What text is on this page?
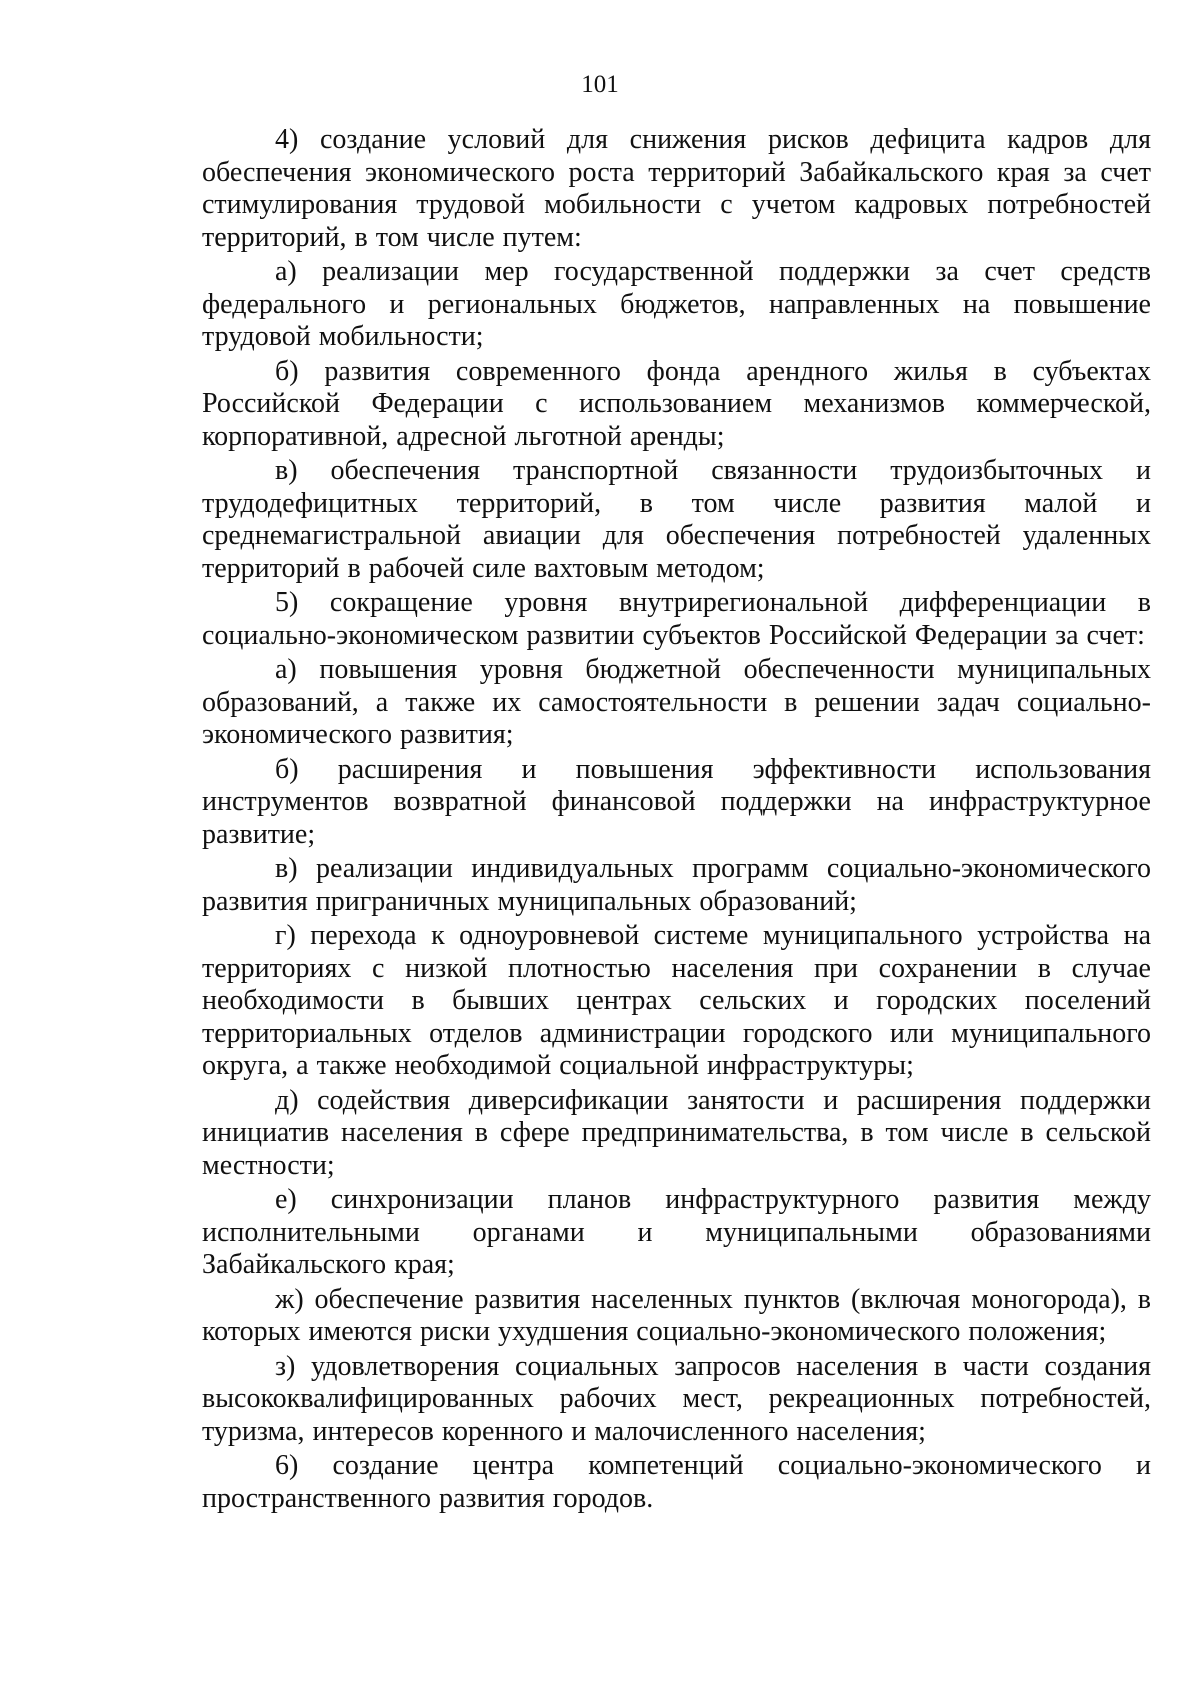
101

4) создание условий для снижения рисков дефицита кадров для обеспечения экономического роста территорий Забайкальского края за счет стимулирования трудовой мобильности с учетом кадровых потребностей территорий, в том числе путем:

а) реализации мер государственной поддержки за счет средств федерального и региональных бюджетов, направленных на повышение трудовой мобильности;

б) развития современного фонда арендного жилья в субъектах Российской Федерации с использованием механизмов коммерческой, корпоративной, адресной льготной аренды;

в) обеспечения транспортной связанности трудоизбыточных и трудодефицитных территорий, в том числе развития малой и среднемагистральной авиации для обеспечения потребностей удаленных территорий в рабочей силе вахтовым методом;

5) сокращение уровня внутрирегиональной дифференциации в социально-экономическом развитии субъектов Российской Федерации за счет:

а) повышения уровня бюджетной обеспеченности муниципальных образований, а также их самостоятельности в решении задач социально-экономического развития;

б) расширения и повышения эффективности использования инструментов возвратной финансовой поддержки на инфраструктурное развитие;

в) реализации индивидуальных программ социально-экономического развития приграничных муниципальных образований;

г) перехода к одноуровневой системе муниципального устройства на территориях с низкой плотностью населения при сохранении в случае необходимости в бывших центрах сельских и городских поселений территориальных отделов администрации городского или муниципального округа, а также необходимой социальной инфраструктуры;

д) содействия диверсификации занятости и расширения поддержки инициатив населения в сфере предпринимательства, в том числе в сельской местности;

е) синхронизации планов инфраструктурного развития между исполнительными органами и муниципальными образованиями Забайкальского края;

ж) обеспечение развития населенных пунктов (включая моногорода), в которых имеются риски ухудшения социально-экономического положения;

з) удовлетворения социальных запросов населения в части создания высококвалифицированных рабочих мест, рекреационных потребностей, туризма, интересов коренного и малочисленного населения;

6) создание центра компетенций социально-экономического и пространственного развития городов.
